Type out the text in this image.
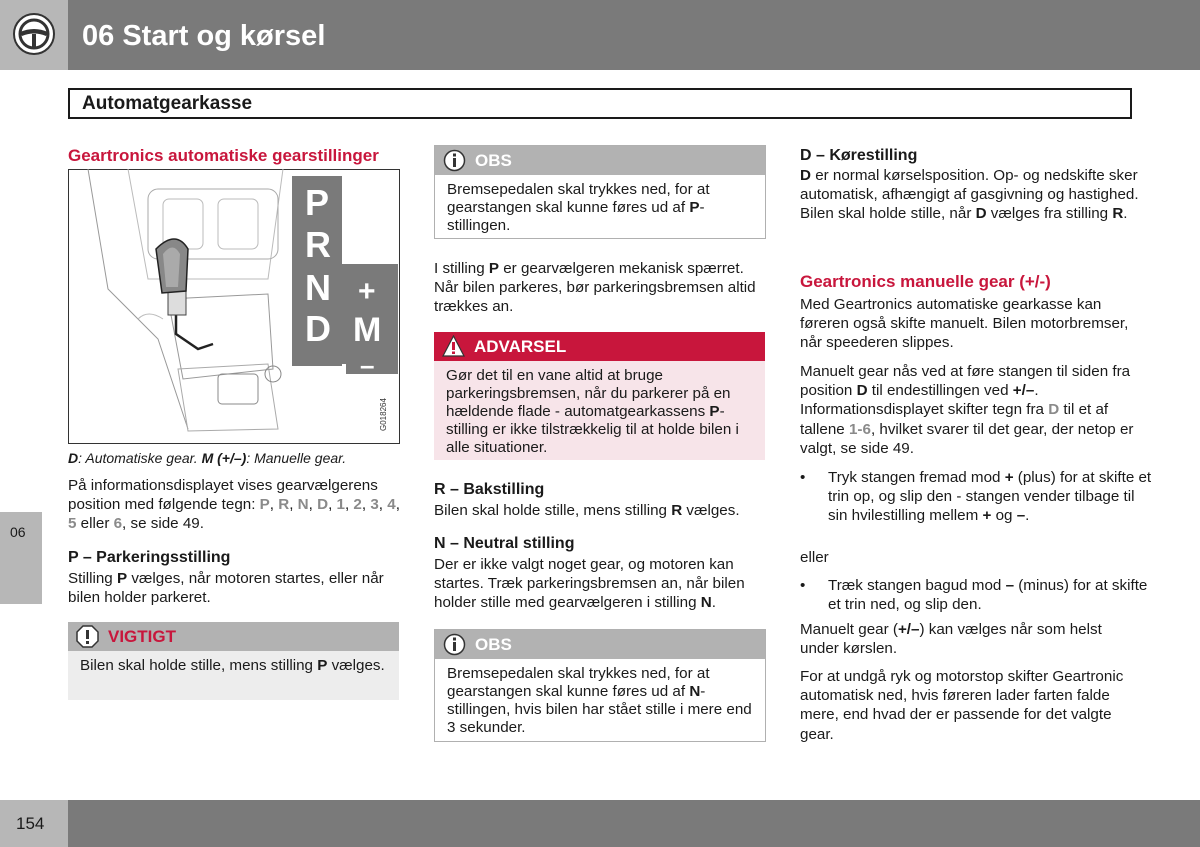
06 Start og kørsel
06
Automatgearkasse
Geartronics automatiske gearstillinger
P
R
N
D
+
M
–
G018264

D: Automatiske gear. M (+/–): Manuelle gear.

På informationsdisplayet vises gearvælgerens position med følgende tegn: P, R, N, D, 1, 2, 3, 4, 5 eller 6, se side 49.

P – Parkeringsstilling

Stilling P vælges, når motoren startes, eller når bilen holder parkeret.

VIGTIGT
Bilen skal holde stille, mens stilling P vælges.
OBS
Bremsepedalen skal trykkes ned, for at gearstangen skal kunne føres ud af P-stillingen.

I stilling P er gearvælgeren mekanisk spærret. Når bilen parkeres, bør parkeringsbremsen altid trækkes an.

ADVARSEL
Gør det til en vane altid at bruge parkeringsbremsen, når du parkerer på en hældende flade - automatgearkassens P-stilling er ikke tilstrækkelig til at holde bilen i alle situationer.
R – Bakstilling

Bilen skal holde stille, mens stilling R vælges.

N – Neutral stilling

Der er ikke valgt noget gear, og motoren kan startes. Træk parkeringsbremsen an, når bilen holder stille med gearvælgeren i stilling N.

OBS
Bremsepedalen skal trykkes ned, for at gearstangen skal kunne føres ud af N-stillingen, hvis bilen har stået stille i mere end 3 sekunder.
D – Kørestilling

D er normal kørselsposition. Op- og nedskifte sker automatisk, afhængigt af gasgivning og hastighed. Bilen skal holde stille, når D vælges fra stilling R.

Geartronics manuelle gear (+/-)

Med Geartronics automatiske gearkasse kan føreren også skifte manuelt. Bilen motorbremser, når speederen slippes.

Manuelt gear nås ved at føre stangen til siden fra position D til endestillingen ved +/–. Informationsdisplayet skifter tegn fra D til et af tallene 1-6, hvilket svarer til det gear, der netop er valgt, se side 49.

• Tryk stangen fremad mod + (plus) for at skifte et trin op, og slip den - stangen vender tilbage til sin hvilestilling mellem + og –.

eller

• Træk stangen bagud mod – (minus) for at skifte et trin ned, og slip den.

Manuelt gear (+/–) kan vælges når som helst under kørslen.

For at undgå ryk og motorstop skifter Geartronic automatisk ned, hvis føreren lader farten falde mere, end hvad der er passende for det valgte gear.

154
